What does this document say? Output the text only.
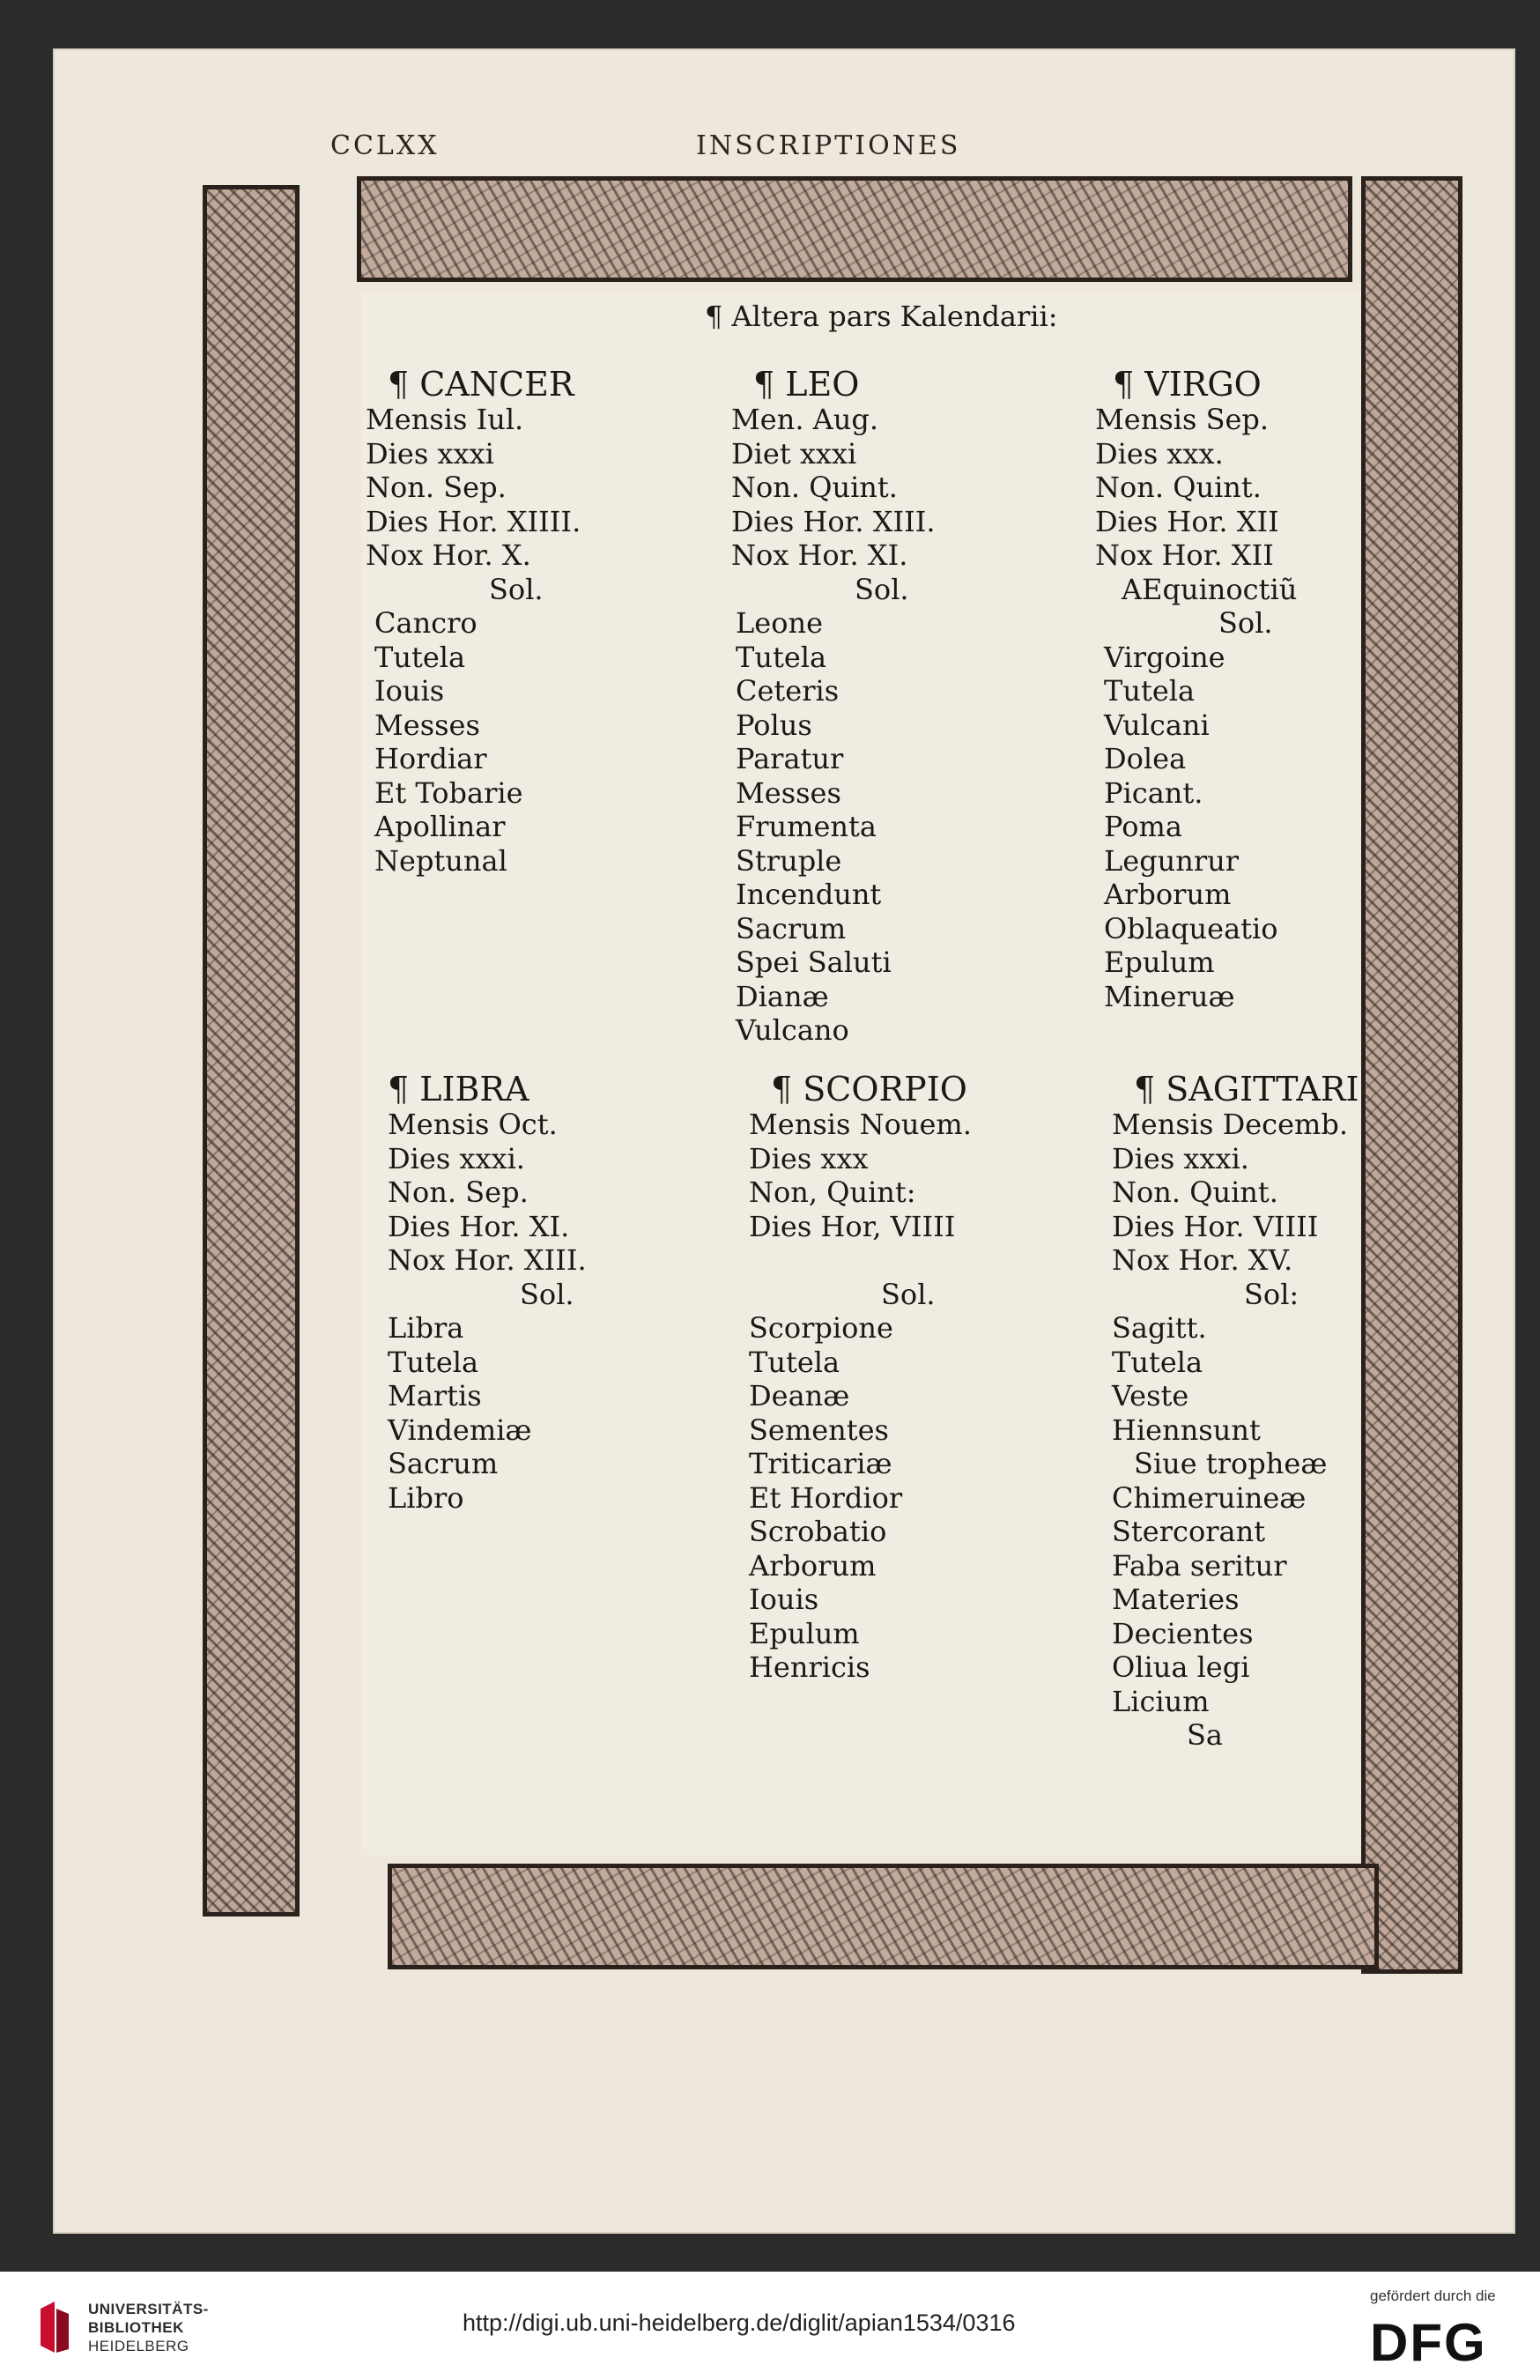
CCLXX	INSCRIPTIONES
¶ Altera pars Kalendarii:
¶ CANCER
Mensis Iul.
Dies xxxi
Non. Sep.
Dies Hor. XIIII.
Nox Hor. X.
Sol.
Cancro
Tutela
Iouis
Messes
Hordiar
Et Tobarie
Apollinar
Neptunal
¶ LEO
Men. Aug.
Diet xxxi
Non. Quint.
Dies Hor. XIII.
Nox Hor. XI.
Sol.
Leone
Tutela
Ceteris
Polus
Paratur
Messes
Frumenta
Struple
Incendunt
Sacrum
Spei Saluti
Dianæ
Vulcano
¶ VIRGO
Mensis Sep.
Dies xxx.
Non. Quint.
Dies Hor. XII
Nox Hor. XII
AEquinoctiũ
Sol.
Virgoine
Tutela
Vulcani
Dolea
Picant.
Poma
Legunrur
Arborum
Oblaqueatio
Epulum
Mineruæ
¶ LIBRA
Mensis Oct.
Dies xxxi.
Non. Sep.
Dies Hor. XI.
Nox Hor. XIII.
Sol.
Libra
Tutela
Martis
Vindemiæ
Sacrum
Libro
¶ SCORPIO
Mensis Nouem.
Dies xxx
Non, Quint:
Dies Hor, VIIII
Sol.
Scorpione
Tutela
Deanæ
Sementes
Triticariæ
Et Hordior
Scrobatio
Arborum
Iouis
Epulum
Henricis
¶ SAGITTARI
Mensis Decemb.
Dies xxxi.
Non. Quint.
Dies Hor. VIIII
Nox Hor. XV.
Sol:
Sagitt.
Tutela
Veste
Hiennsunt
Siue tropheæ
Chimeruineæ
Stercorant
Faba seritur
Materies
Decientes
Oliua legi
Licium
Sa
UNIVERSITÄTS-
BIBLIOTHEK
HEIDELBERG
http://digi.ub.uni-heidelberg.de/diglit/apian1534/0316
gefördert durch die
DFG
